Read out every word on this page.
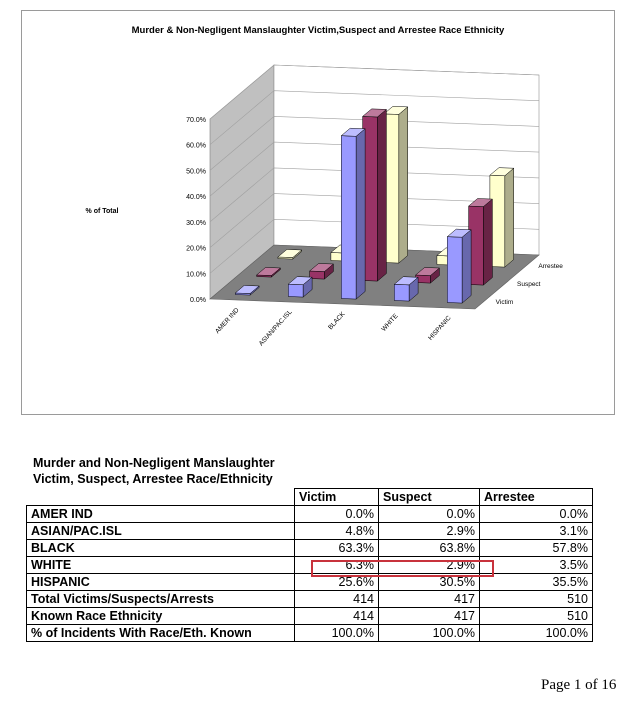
Murder & Non-Negligent Manslaughter Victim,Suspect and Arrestee Race Ethnicity
0.0%
10.0%
20.0%
30.0%
40.0%
50.0%
60.0%
70.0%
% of Total
AMER IND	ASIAN/PAC.ISL	BLACK	WHITE	HISPANIC
Victim
Suspect
Arrestee
Murder and Non-Negligent Manslaughter
Victim, Suspect, Arrestee Race/Ethnicity
	Victim	Suspect	Arrestee
AMER IND	0.0%	0.0%	0.0%
ASIAN/PAC.ISL	4.8%	2.9%	3.1%
BLACK	63.3%	63.8%	57.8%
WHITE	6.3%	2.9%	3.5%
HISPANIC	25.6%	30.5%	35.5%
Total Victims/Suspects/Arrests	414	417	510
Known Race Ethnicity	414	417	510
% of Incidents With Race/Eth. Known	100.0%	100.0%	100.0%
Page 1 of 16
